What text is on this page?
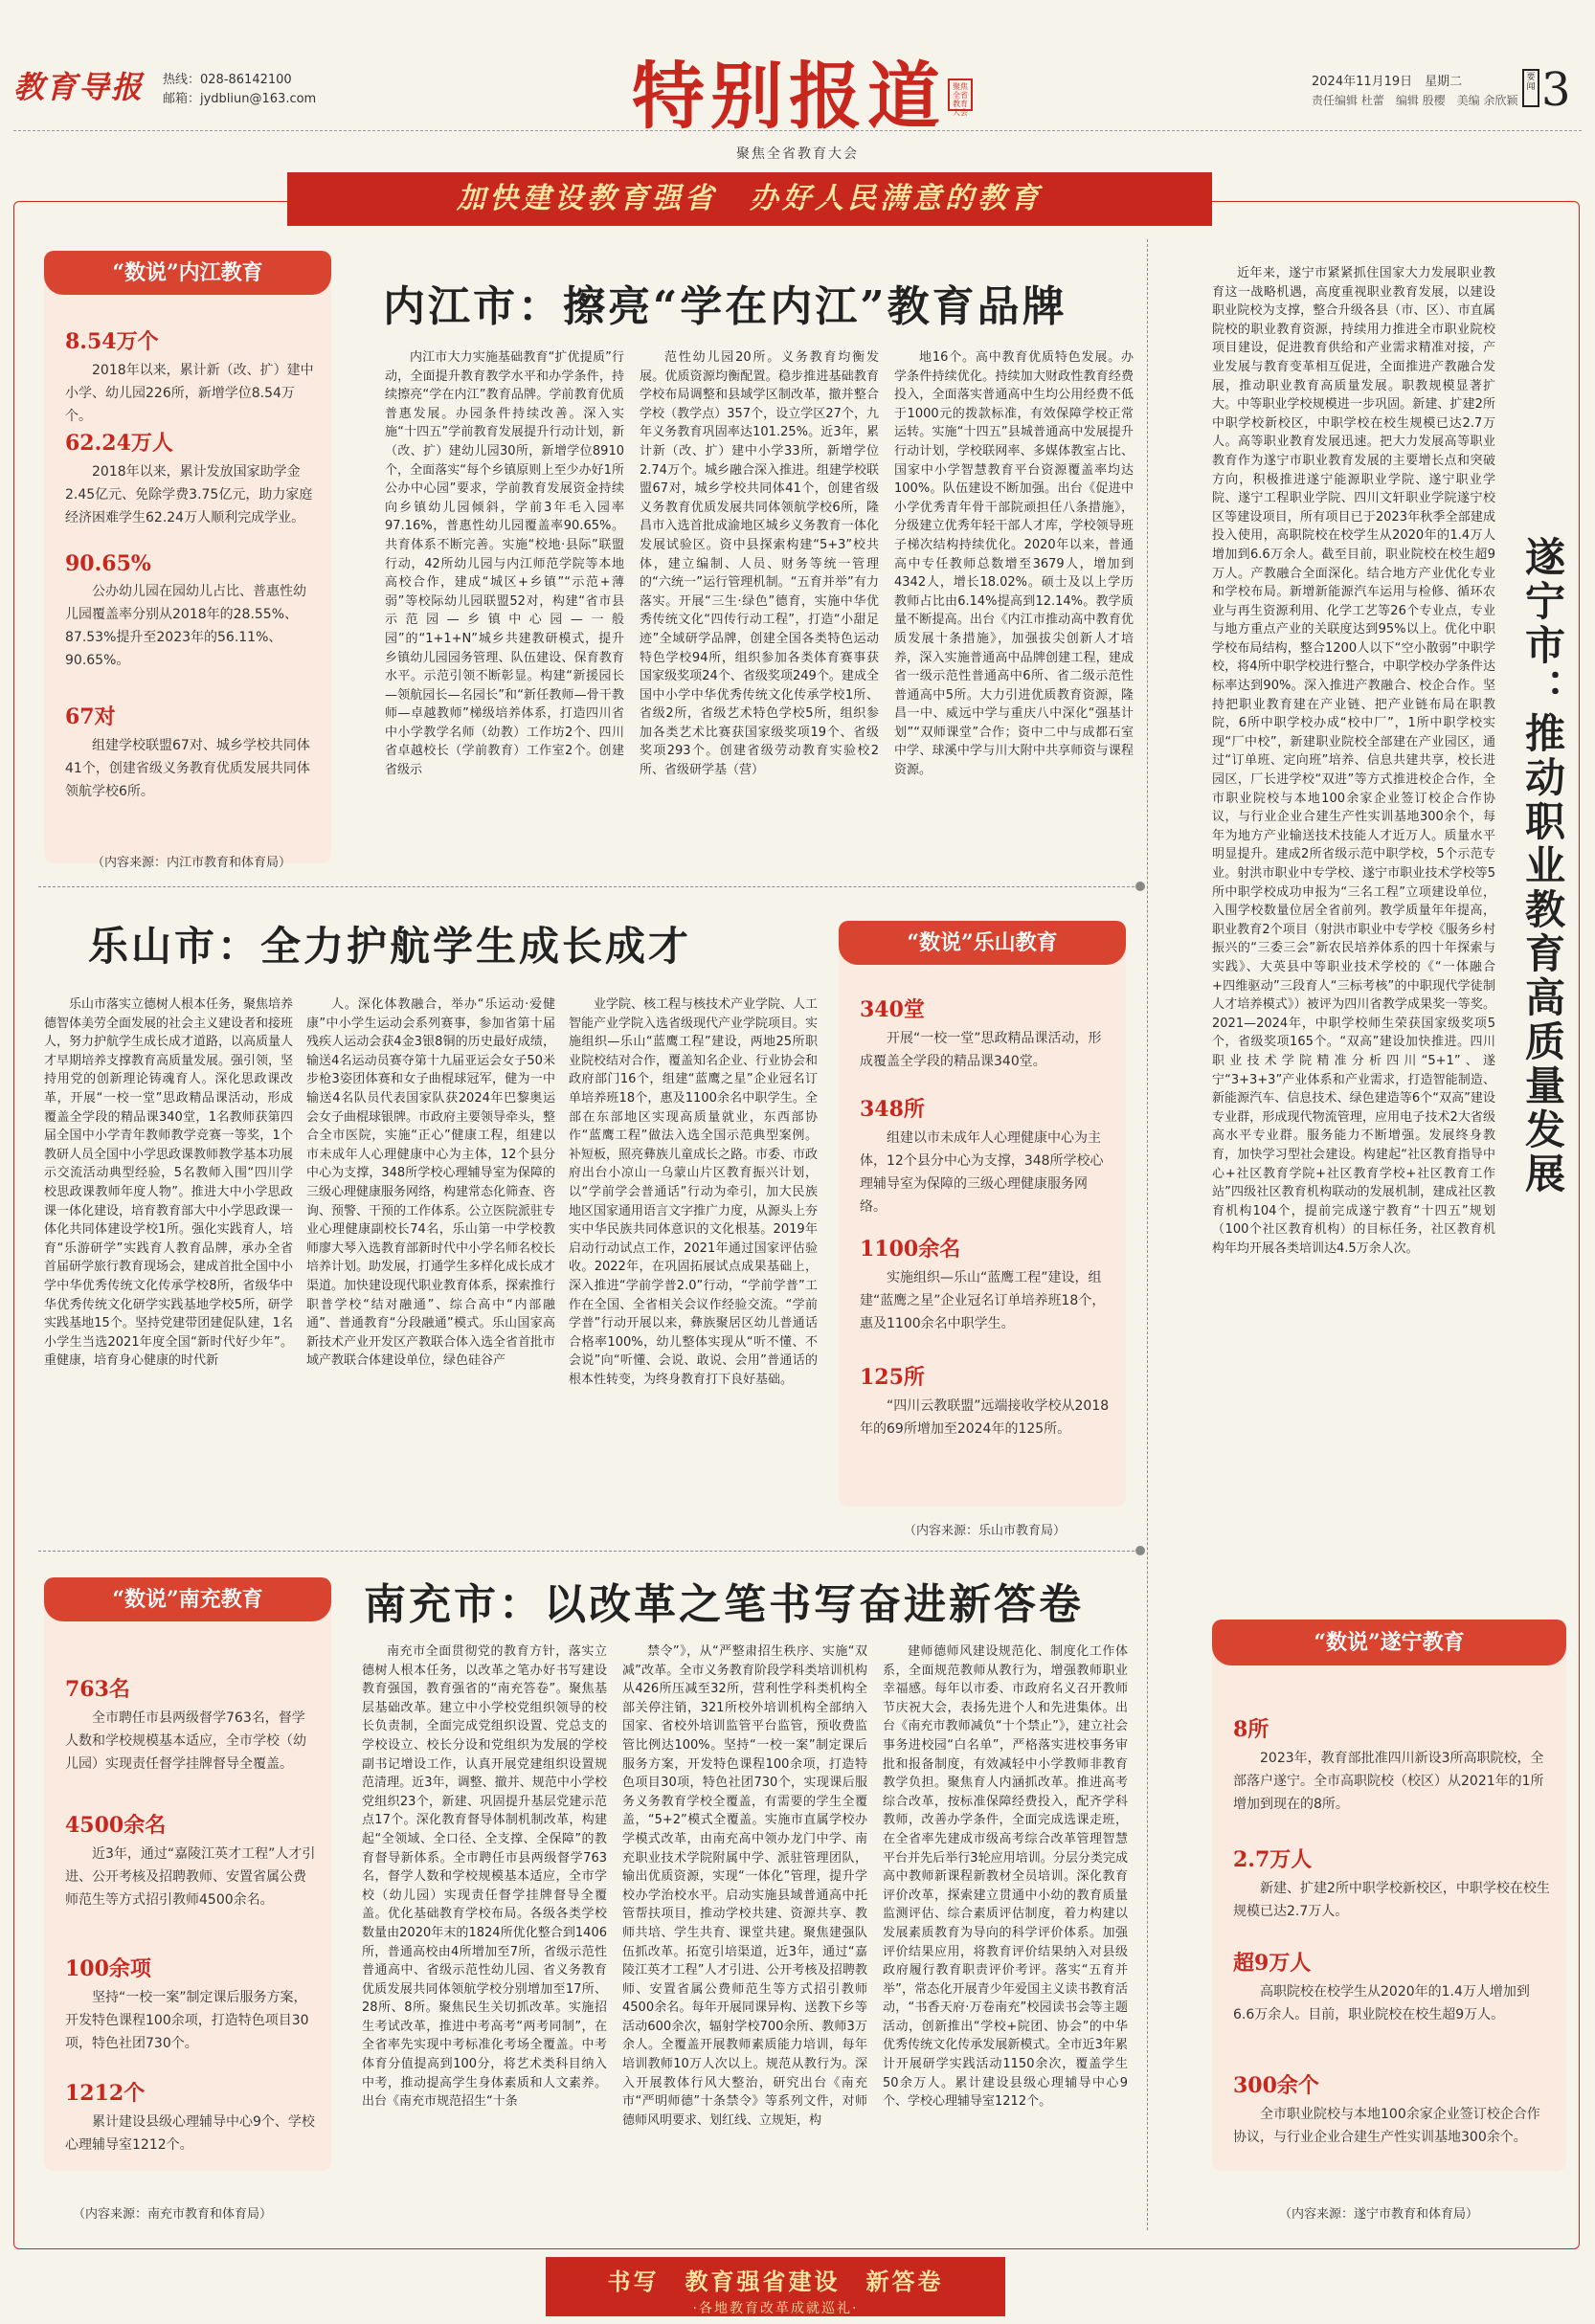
教育导报 热线：028-86142100
邮箱：jydbliun@163.com	特别报道 聚焦全省教育大会
2024年11月19日　星期二
责任编辑 杜蕾　编辑 殷樱　美编 余欣颖
要闻 3
聚焦全省教育大会
加快建设教育强省　办好人民满意的教育
“数说”内江教育
8.54万个
2018年以来，累计新（改、扩）建中小学、幼儿园226所，新增学位8.54万个。
62.24万人
2018年以来，累计发放国家助学金2.45亿元、免除学费3.75亿元，助力家庭经济困难学生62.24万人顺利完成学业。
90.65%
公办幼儿园在园幼儿占比、普惠性幼儿园覆盖率分别从2018年的28.55%、87.53%提升至2023年的56.11%、90.65%。
67对
组建学校联盟67对、城乡学校共同体41个，创建省级义务教育优质发展共同体领航学校6所。
（内容来源：内江市教育和体育局）
内江市：擦亮“学在内江”教育品牌
内江市大力实施基础教育“扩优提质”行动，全面提升教育教学水平和办学条件，持续擦亮“学在内江”教育品牌。学前教育优质普惠发展。办园条件持续改善。深入实施“十四五”学前教育发展提升行动计划，新（改、扩）建幼儿园30所，新增学位8910个，全面落实“每个乡镇原则上至少办好1所公办中心园”要求，学前教育发展资金持续向乡镇幼儿园倾斜，学前3年毛入园率97.16%，普惠性幼儿园覆盖率90.65%。共育体系不断完善。实施“校地·县际”联盟行动，42所幼儿园与内江师范学院等本地高校合作，建成“城区+乡镇”“示范+薄弱”等校际幼儿园联盟52对，构建“省市县示范园—乡镇中心园—一般园”的“1+1+N”城乡共建教研模式，提升乡镇幼儿园园务管理、队伍建设、保育教育水平。示范引领不断彰显。构建“新援园长—领航园长—名园长”和“新任教师—骨干教师—卓越教师”梯级培养体系，打造四川省中小学教学名师（幼教）工作坊2个、四川省卓越校长（学前教育）工作室2个。创建省级示
范性幼儿园20所。义务教育均衡发展。优质资源均衡配置。稳步推进基础教育学校布局调整和县域学区制改革，撤并整合学校（教学点）357个，设立学区27个，九年义务教育巩固率达101.25%。近3年，累计新（改、扩）建中小学33所，新增学位2.74万个。城乡融合深入推进。组建学校联盟67对，城乡学校共同体41个，创建省级义务教育优质发展共同体领航学校6所，隆昌市入选首批成渝地区城乡义务教育一体化发展试验区。资中县探索构建“5+3”校共体，建立编制、人员、财务等统一管理的“六统一”运行管理机制。“五育并举”有力落实。开展“三生·绿色”德育，实施中华优秀传统文化“四传行动工程”，打造“小甜足迹”全域研学品牌，创建全国各类特色运动特色学校94所，组织参加各类体育赛事获国家级奖项24个、省级奖项249个。建成全国中小学中华优秀传统文化传承学校1所、省级2所，省级艺术特色学校5所，组织参加各类艺术比赛获国家级奖项19个、省级奖项293个。创建省级劳动教育实验校2所、省级研学基（营）
地16个。高中教育优质特色发展。办学条件持续优化。持续加大财政性教育经费投入，全面落实普通高中生均公用经费不低于1000元的拨款标准，有效保障学校正常运转。实施“十四五”县城普通高中发展提升行动计划，学校联网率、多媒体教室占比、国家中小学智慧教育平台资源覆盖率均达100%。队伍建设不断加强。出台《促进中小学优秀青年骨干部院顽担任八条措施》，分级建立优秀年轻干部人才库，学校领导班子梯次结构持续优化。2020年以来，普通高中专任教师总数增至3679人，增加到4342人，增长18.02%。硕士及以上学历教师占比由6.14%提高到12.14%。教学质量不断提高。出台《内江市推动高中教育优质发展十条措施》，加强拔尖创新人才培养，深入实施普通高中品牌创建工程，建成省一级示范性普通高中6所、省二级示范性普通高中5所。大力引进优质教育资源，隆昌一中、威远中学与重庆八中深化“强基计划”“双师课堂”合作；资中二中与成都石室中学、球溪中学与川大附中共享师资与课程资源。
乐山市：全力护航学生成长成才
乐山市落实立德树人根本任务，聚焦培养德智体美劳全面发展的社会主义建设者和接班人，努力护航学生成长成才道路，以高质量人才早期培养支撑教育高质量发展。强引领，坚持用党的创新理论铸魂育人。深化思政课改革，开展“一校一堂”思政精品课活动，形成覆盖全学段的精品课340堂，1名教师获第四届全国中小学青年教师教学竞赛一等奖，1个教研人员全国中小学思政课教师教学基本功展示交流活动典型经验，5名教师入围“四川学校思政课教师年度人物”。推进大中小学思政课一体化建设，培育教育部大中小学思政课一体化共同体建设学校1所。强化实践育人，培育“乐游研学”实践育人教育品牌，承办全省首届研学旅行教育现场会，建成首批全国中小学中华优秀传统文化传承学校8所，省级华中华优秀传统文化研学实践基地学校5所，研学实践基地15个。坚持党建带团建促队建，1名小学生当选2021年度全国“新时代好少年”。重健康，培育身心健康的时代新
人。深化体教融合，举办“乐运动·爱健康”中小学生运动会系列赛事，参加省第十届残疾人运动会获4金3银8铜的历史最好成绩，输送4名运动员赛夺第十九届亚运会女子50米步枪3姿团体赛和女子曲棍球冠军，健为一中输送4名队员代表国家队获2024年巴黎奥运会女子曲棍球银牌。市政府主要领导牵头，整合全市医院，实施“正心”健康工程，组建以市未成年人心理健康中心为主体，12个县分中心为支撑，348所学校心理辅导室为保障的三级心理健康服务网络，构建常态化筛查、咨询、预警、干预的工作体系。公立医院派驻专业心理健康副校长74名，乐山第一中学校教师廖大琴入选教育部新时代中小学名师名校长培养计划。助发展，打通学生多样化成长成才渠道。加快建设现代职业教育体系，探索推行职普学校“结对融通”、综合高中“内部融通”、普通教育“分段融通”模式。乐山国家高新技术产业开发区产教联合体入选全省首批市域产教联合体建设单位，绿色硅谷产
业学院、核工程与核技术产业学院、人工智能产业学院入选省级现代产业学院项目。实施组织—乐山“蓝鹰工程”建设，两地25所职业院校结对合作，覆盖知名企业、行业协会和政府部门16个，组建“蓝鹰之星”企业冠名订单培养班18个，惠及1100余名中职学生。全部在东部地区实现高质量就业，东西部协作“蓝鹰工程”做法入选全国示范典型案例。补短板，照亮彝族儿童成长之路。市委、市政府出台小凉山一乌蒙山片区教育振兴计划，以“学前学会普通话”行动为牵引，加大民族地区国家通用语言文字推广力度，从源头上夯实中华民族共同体意识的文化根基。2019年启动行动试点工作，2021年通过国家评估验收。2022年，在巩固拓展试点成果基础上，深入推进“学前学普2.0”行动，“学前学普”工作在全国、全省相关会议作经验交流。“学前学普”行动开展以来，彝族聚居区幼儿普通话合格率100%，幼儿整体实现从“听不懂、不会说”向“听懂、会说、敢说、会用”普通话的根本性转变，为终身教育打下良好基础。
“数说”乐山教育
340堂
开展“一校一堂”思政精品课活动，形成覆盖全学段的精品课340堂。
348所
组建以市未成年人心理健康中心为主体，12个县分中心为支撑，348所学校心理辅导室为保障的三级心理健康服务网络。
1100余名
实施组织—乐山“蓝鹰工程”建设，组建“蓝鹰之星”企业冠名订单培养班18个，惠及1100余名中职学生。
125所
“四川云教联盟”远端接收学校从2018年的69所增加至2024年的125所。
（内容来源：乐山市教育局）
“数说”南充教育
763名
全市聘任市县两级督学763名，督学人数和学校规模基本适应，全市学校（幼儿园）实现责任督学挂牌督导全覆盖。
4500余名
近3年，通过“嘉陵江英才工程”人才引进、公开考核及招聘教师、安置省属公费师范生等方式招引教师4500余名。
100余项
坚持“一校一案”制定课后服务方案，开发特色课程100余项，打造特色项目30项，特色社团730个。
1212个
累计建设县级心理辅导中心9个、学校心理辅导室1212个。
（内容来源：南充市教育和体育局）
南充市：以改革之笔书写奋进新答卷
南充市全面贯彻党的教育方针，落实立德树人根本任务，以改革之笔办好书写建设教育强国，教育强省的“南充答卷”。聚焦基层基础改革。建立中小学校党组织领导的校长负责制，全面完成党组织设置、党总支的学校设立、校长分设和党组织为发展的学校副书记增设工作，认真开展党建组织设置规范清理。近3年，调整、撤并、规范中小学校党组织23个，新建、巩固提升基层党建示范点17个。深化教育督导体制机制改革，构建起“全领域、全口径、全支撑、全保障”的教育督导新体系。全市聘任市县两级督学763名，督学人数和学校规模基本适应，全市学校（幼儿园）实现责任督学挂牌督导全覆盖。优化基础教育学校布局。各级各类学校数量由2020年末的1824所优化整合到1406所，普通高校由4所增加至7所，省级示范性普通高中、省级示范性幼儿园、省义务教育优质发展共同体领航学校分别增加至17所、28所、8所。聚焦民生关切抓改革。实施招生考试改革，推进中考高考“两考同制”，在全省率先实现中考标准化考场全覆盖。中考体育分值提高到100分，将艺术类科目纳入中考，推动提高学生身体素质和人文素养。出台《南充市规范招生“十条
禁令”》，从“严整肃招生秩序、实施“双减”改革。全市义务教育阶段学科类培训机构从426所压减至32所，营利性学科类机构全部关停注销，321所校外培训机构全部纳入国家、省校外培训监管平台监管，预收费监管比例达100%。坚持“一校一案”制定课后服务方案，开发特色课程100余项，打造特色项目30项，特色社团730个，实现课后服务义务教育学校全覆盖，有需要的学生全覆盖，“5+2”模式全覆盖。实施市直属学校办学模式改革，由南充高中领办龙门中学、南充职业技术学院附属中学、派驻管理团队，输出优质资源，实现“一体化”管理，提升学校办学治校水平。启动实施县域普通高中托管帮扶项目，推动学校共建、资源共享、教师共培、学生共育、课堂共建。聚焦建强队伍抓改革。拓宽引培渠道，近3年，通过“嘉陵江英才工程”人才引进、公开考核及招聘教师、安置省属公费师范生等方式招引教师4500余名。每年开展同课异构、送教下乡等活动600余次，辐射学校700余所、教师3万余人。全覆盖开展教师素质能力培训，每年培训教师10万人次以上。规范从教行为。深入开展教体行风大整治，研究出台《南充市“严明师德”十条禁令》等系列文件，对师德师风明要求、划红线、立规矩，构
建师德师风建设规范化、制度化工作体系，全面规范教师从教行为，增强教师职业幸福感。每年以市委、市政府名义召开教师节庆祝大会，表扬先进个人和先进集体。出台《南充市教师减负“十个禁止”》，建立社会事务进校园“白名单”，严格落实进校事务审批和报备制度，有效减轻中小学教师非教育教学负担。聚焦育人内涵抓改革。推进高考综合改革，按标准保障经费投入，配齐学科教师，改善办学条件，全面完成选课走班，在全省率先建成市级高考综合改革管理智慧平台并先后举行3轮应用培训。分层分类完成高中教师新课程新教材全员培训。深化教育评价改革，探索建立贯通中小幼的教育质量监测评估、综合素质评估制度，着力构建以发展素质教育为导向的科学评价体系。加强评价结果应用，将教育评价结果纳入对县级政府履行教育职责评价考评。落实“五育并举”，常态化开展青少年爱国主义读书教育活动，“书香天府·万卷南充”校园读书会等主题活动，创新推出“学校+院团、协会”的中华优秀传统文化传承发展新模式。全市近3年累计开展研学实践活动1150余次，覆盖学生50余万人。累计建设县级心理辅导中心9个、学校心理辅导室1212个。
近年来，遂宁市紧紧抓住国家大力发展职业教育这一战略机遇，高度重视职业教育发展，以建设职业院校为支撑，整合升级各县（市、区）、市直属院校的职业教育资源，持续用力推进全市职业院校项目建设，促进教育供给和产业需求精准对接，产业发展与教育变革相互促进，全面推进产教融合发展，推动职业教育高质量发展。职教规模显著扩大。中等职业学校规模进一步巩固。新建、扩建2所中职学校新校区，中职学校在校生规模已达2.7万人。高等职业教育发展迅速。把大力发展高等职业教育作为遂宁市职业教育发展的主要增长点和突破方向，积极推进遂宁能源职业学院、遂宁职业学院、遂宁工程职业学院、四川文轩职业学院遂宁校区等建设项目，所有项目已于2023年秋季全部建成投入使用，高职院校在校学生从2020年的1.4万人增加到6.6万余人。截至目前，职业院校在校生超9万人。产教融合全面深化。结合地方产业优化专业和学校布局。新增新能源汽车运用与检修、循环农业与再生资源利用、化学工艺等26个专业点，专业与地方重点产业的关联度达到95%以上。优化中职学校布局结构，整合1200人以下“空小散弱”中职学校，将4所中职学校进行整合，中职学校办学条件达标率达到90%。深入推进产教融合、校企合作。坚持把职业教育建在产业链、把产业链布局在职教院，6所中职学校办成“校中厂”，1所中职学校实现“厂中校”，新建职业院校全部建在产业园区，通过“订单班、定向班”培养、信息共建共享，校长进园区，厂长进学校“双进”等方式推进校企合作，全市职业院校与本地100余家企业签订校企合作协议，与行业企业合建生产性实训基地300余个，每年为地方产业输送技术技能人才近万人。质量水平明显提升。建成2所省级示范中职学校，5个示范专业。射洪市职业中专学校、遂宁市职业技术学校等5所中职学校成功申报为“三名工程”立项建设单位，入围学校数量位居全省前列。教学质量年年提高，职业教育2个项目（射洪市职业中专学校《服务乡村振兴的“三委三会”新农民培养体系的四十年探索与实践》、大英县中等职业技术学校的《“一体融合+四维驱动”三段育人“三标考核”的中职现代学徒制人才培养模式》）被评为四川省教学成果奖一等奖。2021—2024年，中职学校师生荣获国家级奖项5个，省级奖项165个。“双高”建设加快推进。四川职业技术学院精准分析四川“5+1”、遂宁“3+3+3”产业体系和产业需求，打造智能制造、新能源汽车、信息技术、绿色建造等6个“双高”建设专业群，形成现代物流管理，应用电子技术2大省级高水平专业群。服务能力不断增强。发展终身教育，加快学习型社会建设。构建起“社区教育指导中心+社区教育学院+社区教育学校+社区教育工作站”四级社区教育机构联动的发展机制，建成社区教育机构104个，提前完成遂宁教育“十四五”规划（100个社区教育机构）的目标任务，社区教育机构年均开展各类培训达4.5万余人次。
遂宁市：推动职业教育高质量发展
“数说”遂宁教育
8所
2023年，教育部批准四川新设3所高职院校，全部落户遂宁。全市高职院校（校区）从2021年的1所增加到现在的8所。
2.7万人
新建、扩建2所中职学校新校区，中职学校在校生规模已达2.7万人。
超9万人
高职院校在校学生从2020年的1.4万人增加到6.6万余人。目前，职业院校在校生超9万人。
300余个
全市职业院校与本地100余家企业签订校企合作协议，与行业企业合建生产性实训基地300余个。
（内容来源：遂宁市教育和体育局）
书写　教育强省建设　新答卷
·各地教育改革成就巡礼·
